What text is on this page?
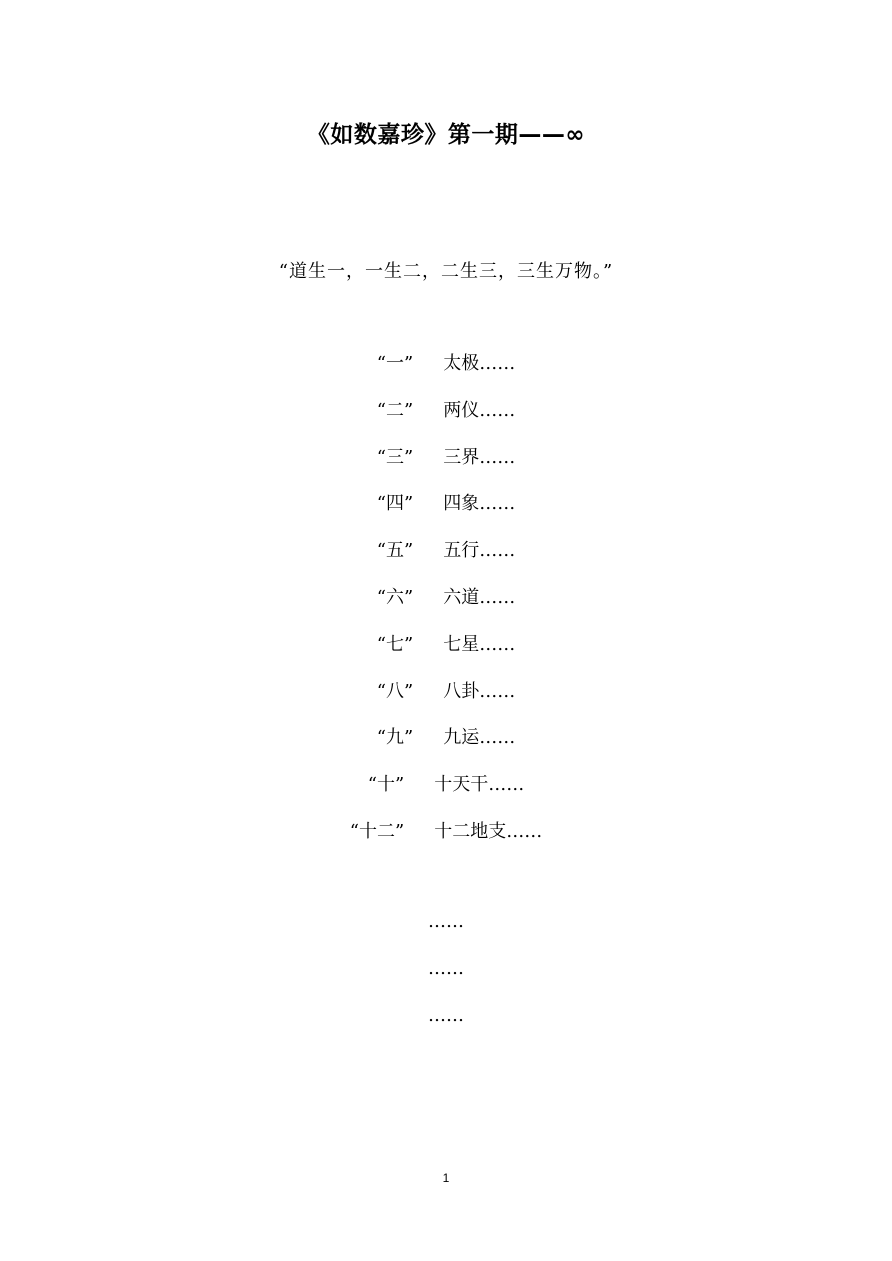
《如数嘉珍》第一期——∞

“道生一，一生二，二生三，三生万物。”

“一” 太极……
“二” 两仪……
“三” 三界……
“四” 四象……
“五” 五行……
“六” 六道……
“七” 七星……
“八” 八卦……
“九” 九运……
“十” 十天干……
“十二” 十二地支……
……
……
……
1
